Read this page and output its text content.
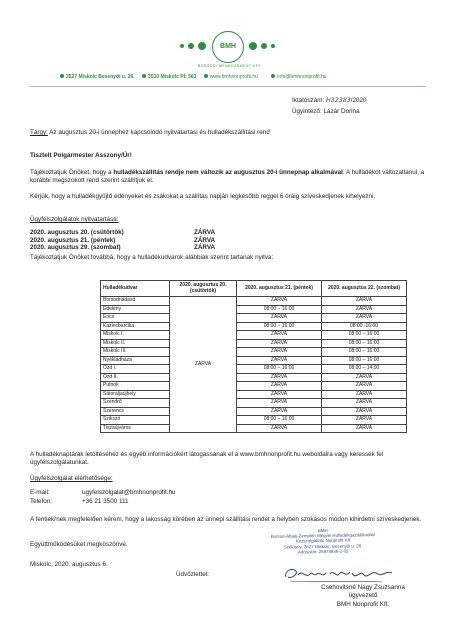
BMH
BORSODI MENEDZSMENT KFT.
3527 Miskolc Besenyői u. 26.	3510 Miskolc Pf. 563	www.bmhnonprofit.hu	info@bmhnonprofit.hu
Iktatószám: H32383/2020
Ügyintéző: Lázár Dorina
Tárgy: Az augusztus 20-i ünnephez kapcsolódó nyitvatartási és hulladékszállítási rend
Tisztelt Polgármester Asszony/Úr!
Tájékoztatjuk Önöket, hogy a hulladékszállítás rendje nem változik az augusztus 20-i ünnepnap alkalmával. A hulladékot változatlanul, a korábbi megszokott rend szerint szállítjuk el.
Kérjük, hogy a hulladékgyűjtő edényeket és zsákokat a szállítás napján legkésőbb reggel 6 óráig szíveskedjenek kihelyezni.
Ügyfélszolgálatok nyitvatartása:
2020. augusztus 20. (csütörtök)	ZÁRVA
2020. augusztus 21. (péntek)	ZÁRVA
2020. augusztus 29. (szombat)	ZÁRVA
Tájékoztatjuk Önöket továbbá, hogy a hulladékudvarok alábbiak szerint tartanak nyitva:
Hulladékudvar	2020. augusztus 20. (csütörtök)	2020. augusztus 21. (péntek)	2020. augusztus 22. (szombat)
Borsodnádasd	ZÁRVA	ZÁRVA	ZÁRVA
Edelény		08:00 – 16:00	ZÁRVA
Encs		ZÁRVA	ZÁRVA
Kazincbarcika		08:00 – 16:00	08:00 -16:00
Miskolc I.		ZÁRVA	08:00 – 16:00
Miskolc II.		ZÁRVA	08:00 – 16:00
Miskolc III.		ZÁRVA	08:00 – 16:00
Nyékládháza		ZÁRVA	08:00 – 16:00
Ózd I.		08:00 – 16:00	08:00 – 14:00
Ózd II.		ZÁRVA	ZÁRVA
Putnok		ZÁRVA	ZÁRVA
Sátoraljaújhely		ZÁRVA	ZÁRVA
Szendrő		ZÁRVA	ZÁRVA
Szerencs		ZÁRVA	ZÁRVA
Szikszó		08:00 – 16:00	ZÁRVA
Tiszaújváros		ZÁRVA	ZÁRVA
A hulladéknaptárak letöltéséhez és egyéb információkért látogassanak el a www.bmhnonprofit.hu weboldalra vagy keressék fel ügyfélszolgálatunkat.
Ügyfélszolgálat elérhetősége:
E-mail:	ugyfelszolgalat@bmhnonprofit.hu
Telefon:	+36 21 3500 111
A fentiekrnek megfelelően kérem, hogy a lakosság körében az ünnepi szállítási rendet a helyben szokásos módon kihirdetni szíveskedjenek.
Együttműködésüket megköszönve.
Miskolc, 2020. augusztus 6.
Üdvözlettel:
BMH
Borsod-Abaúj-Zemplén Megyei Hulladékgazdálkodási
Közszolgáltató Nonprofit Kft
Székhely: 3527 Miskolc, Besenyői u. 26.
Adószám: 25979936-2-05
Csehovitsné Nagy Zsuzsanna
ügyvezető
BMH Nonprofit Kft.
